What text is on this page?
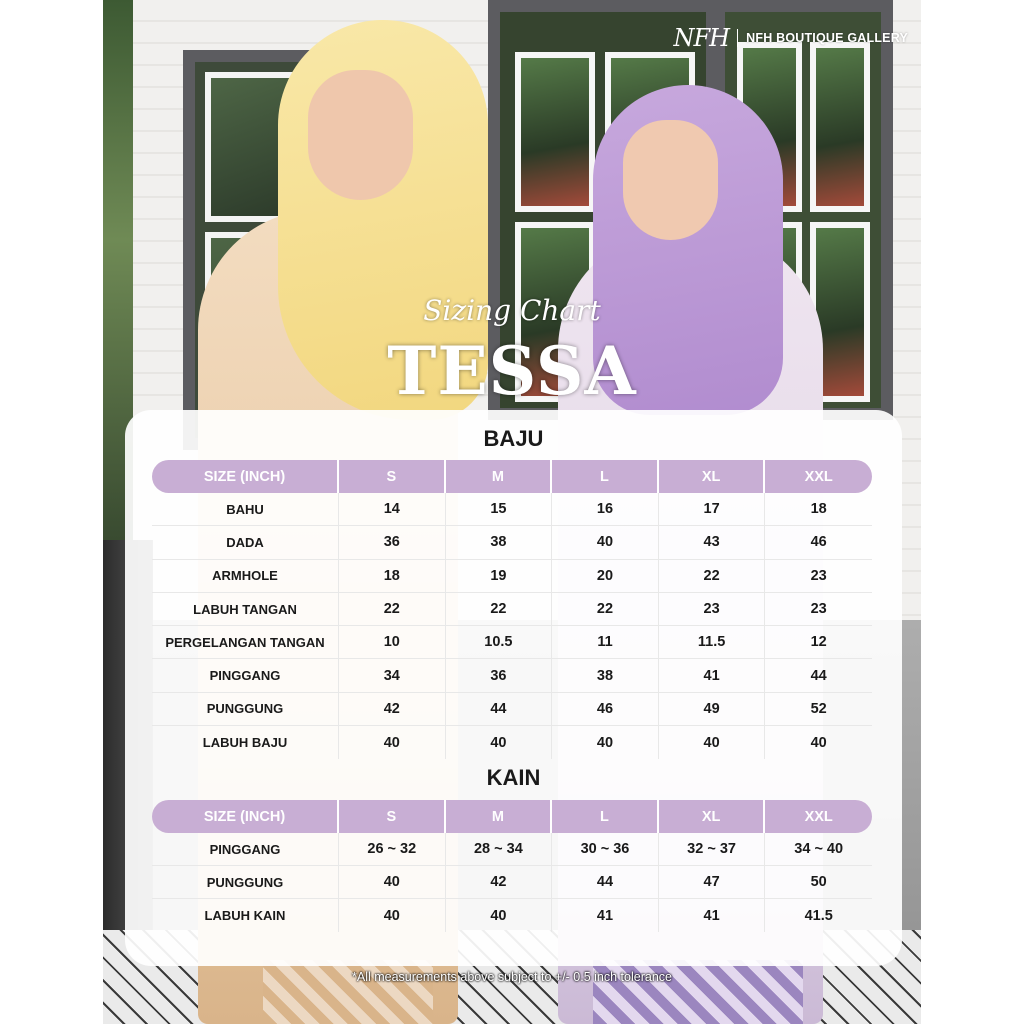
NFH NFH BOUTIQUE GALLERY
Sizing Chart
TESSA
BAJU
SIZE (INCH)	S	M	L	XL	XXL
BAHU	14	15	16	17	18
DADA	36	38	40	43	46
ARMHOLE	18	19	20	22	23
LABUH TANGAN	22	22	22	23	23
PERGELANGAN TANGAN	10	10.5	11	11.5	12
PINGGANG	34	36	38	41	44
PUNGGUNG	42	44	46	49	52
LABUH BAJU	40	40	40	40	40
KAIN
SIZE (INCH)	S	M	L	XL	XXL
PINGGANG	26 ~ 32	28 ~ 34	30 ~ 36	32 ~ 37	34 ~ 40
PUNGGUNG	40	42	44	47	50
LABUH KAIN	40	40	41	41	41.5
*All measurements above subject to +/- 0.5 inch tolerance
